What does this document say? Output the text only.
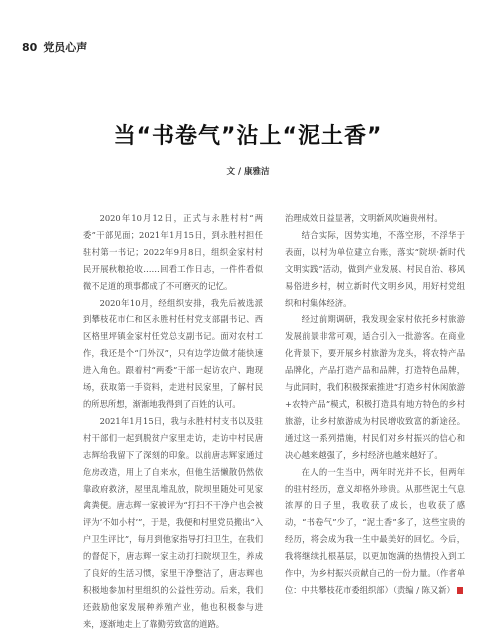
80 党员心声
当“书卷气”沾上“泥土香”
文 / 康雅洁

2020年10月12日，正式与永胜村村“两委”干部见面；2021年1月15日，到永胜村担任驻村第一书记；2022年9月8日，组织金家村村民开展秋粮抢收……回看工作日志，一件件看似微不足道的琐事都成了不可磨灭的记忆。

2020年10月，经组织安排，我先后被选派到攀枝花市仁和区永胜村任村党支部副书记、西区格里坪镇金家村任党总支副书记。面对农村工作，我还是个“门外汉”，只有边学边做才能快速进入角色。跟着村“两委”干部一起访农户、跑现场，获取第一手资料，走进村民家里，了解村民的所思所想，渐渐地我得到了百姓的认可。

2021年1月15日，我与永胜村村支书以及驻村干部们一起到脱贫户家里走访，走访中村民唐志辉给我留下了深刻的印象。以前唐志辉家通过危房改造，用上了自来水，但他生活懒散仍然依靠政府救济，屋里乱堆乱放，院坝里随处可见家禽粪便。唐志辉一家被评为“打扫不干净户也会被评为‘不如小村’”，于是，我便和村里党员搬出“入户卫生评比”，每月到他家指导打扫卫生，在我们的督促下，唐志辉一家主动打扫院坝卫生，养成了良好的生活习惯，家里干净整洁了，唐志辉也积极地参加村里组织的公益性劳动。后来，我们还鼓励他家发展种养殖产业，他也积极参与进来，逐渐地走上了靠勤劳致富的道路。

治理成效日益显著，文明新风吹遍贵州村。

结合实际，因势实地，不落空形，不浮华于表面，以村为单位建立台账，落实“院坝·新时代文明实践”活动，做到产业发展、村民自治、移风易俗进乡村，树立新时代文明乡风，用好村党组织和村集体经济。

经过前期调研，我发现金家村依托乡村旅游发展前景非常可观，适合引入一批游客。在商业化背景下，要开展乡村旅游为龙头，将农特产品品牌化，产品打造产品和品牌，打造特色品牌，与此同时，我们积极探索推进“打造乡村休闲旅游+农特产品”模式，积极打造具有地方特色的乡村旅游，让乡村旅游成为村民增收致富的新途径。通过这一系列措施，村民们对乡村振兴的信心和决心越来越强了，乡村经济也越来越好了。

在人的一生当中，两年时光并不长，但两年的驻村经历，意义却格外珍贵。从那些泥土气息浓厚的日子里，我收获了成长，也收获了感动，“书卷气”少了，“泥土香”多了，这些宝贵的经历，将会成为我一生中最美好的回忆。今后，我将继续扎根基层，以更加饱满的热情投入到工作中，为乡村振兴贡献自己的一份力量。（作者单位：中共攀枝花市委组织部）（责编 / 陈又新）
